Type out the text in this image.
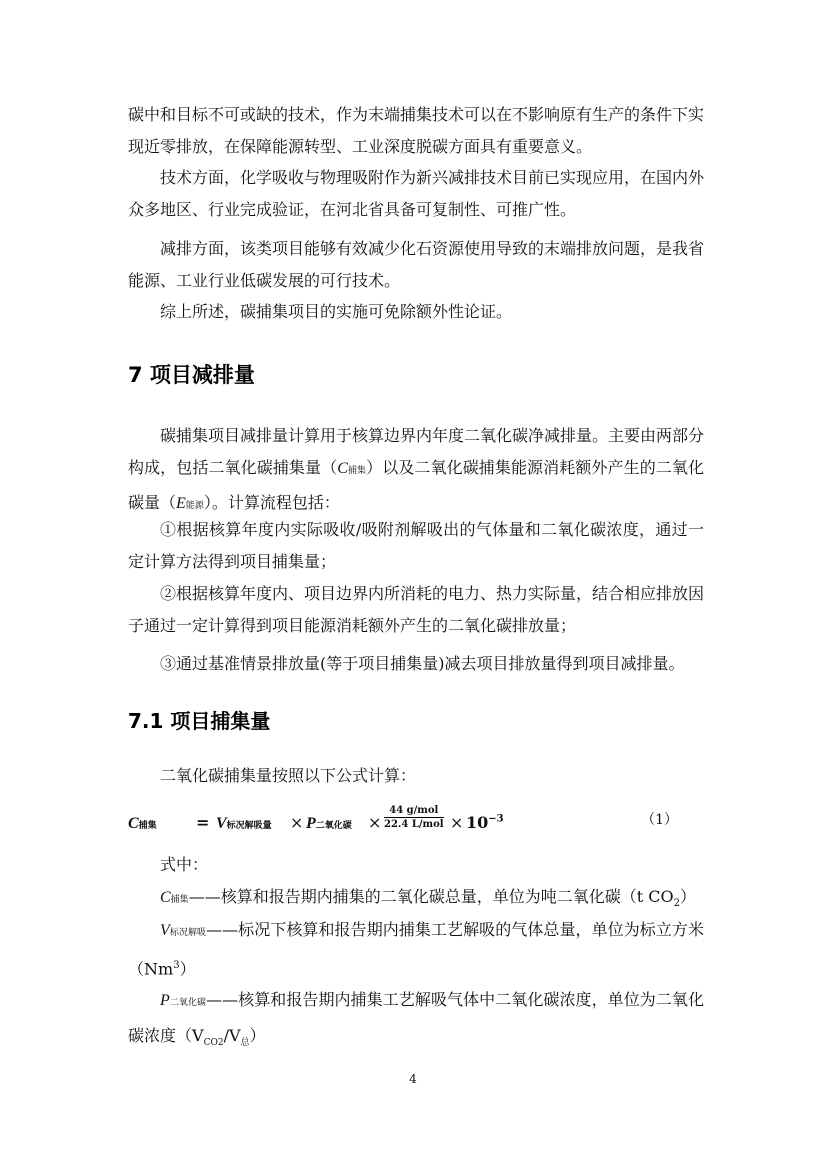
碳中和目标不可或缺的技术，作为末端捕集技术可以在不影响原有生产的条件下实现近零排放，在保障能源转型、工业深度脱碳方面具有重要意义。

技术方面，化学吸收与物理吸附作为新兴减排技术目前已实现应用，在国内外众多地区、行业完成验证，在河北省具备可复制性、可推广性。

减排方面，该类项目能够有效减少化石资源使用导致的末端排放问题，是我省能源、工业行业低碳发展的可行技术。

综上所述，碳捕集项目的实施可免除额外性论证。

7 项目减排量

碳捕集项目减排量计算用于核算边界内年度二氧化碳净减排量。主要由两部分构成，包括二氧化碳捕集量（C捕集）以及二氧化碳捕集能源消耗额外产生的二氧化碳量（E能源）。计算流程包括：

①根据核算年度内实际吸收/吸附剂解吸出的气体量和二氧化碳浓度，通过一定计算方法得到项目捕集量；

②根据核算年度内、项目边界内所消耗的电力、热力实际量，结合相应排放因子通过一定计算得到项目能源消耗额外产生的二氧化碳排放量；

③通过基准情景排放量(等于项目捕集量)减去项目排放量得到项目减排量。

7.1 项目捕集量

二氧化碳捕集量按照以下公式计算：

C捕集 = V标况解吸量 × P二氧化碳 ×
44 g/mol
22.4 $L/mol \times 10^{-3}$	（1）

式中：

C捕集——核算和报告期内捕集的二氧化碳总量，单位为吨二氧化碳（t $CO_2$）

V标况解吸——标况下核算和报告期内捕集工艺解吸的气体总量，单位为标立方米（Nm$^3$）

P二氧化碳——核算和报告期内捕集工艺解吸气体中二氧化碳浓度，单位为二氧化碳浓度$(V_{CO2}/V_总)$

4
